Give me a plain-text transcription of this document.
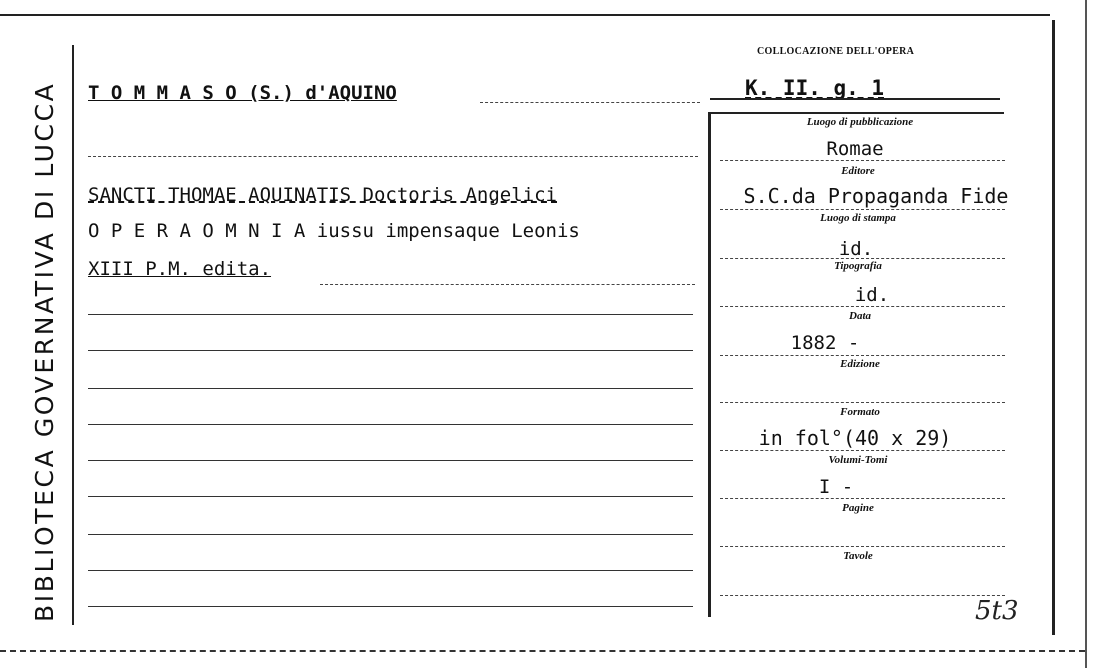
BIBLIOTECA GOVERNATIVA DI LUCCA
COLLOCAZIONE DELL'OPERA
K. II. g. 1
T O M M A S O (S.) d'AQUINO
SANCTI THOMAE AQUINATIS Doctoris Angelici
O P E R A O M N I A iussu impensaque Leonis
XIII P.M. edita.
Luogo di pubblicazione
Romae
Editore
S.C.da Propaganda Fide
Luogo di stampa
id.
Tipografia
id.
Data
1882 -
Edizione
Formato
in fol°(40 x 29)
Volumi-Tomi
I -
Pagine
Tavole
5t3
